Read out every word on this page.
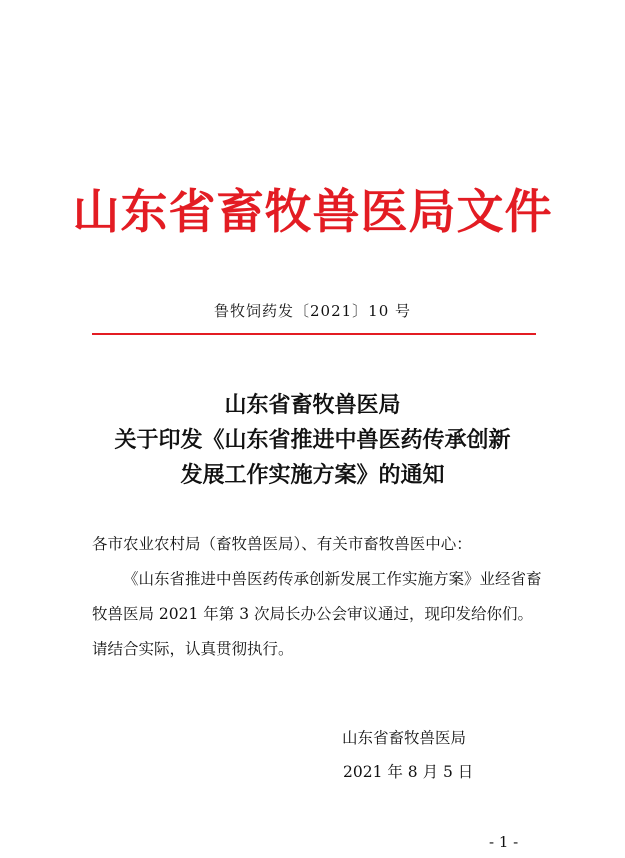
山东省畜牧兽医局文件
鲁牧饲药发〔2021〕10 号
山东省畜牧兽医局
关于印发《山东省推进中兽医药传承创新
发展工作实施方案》的通知

各市农业农村局（畜牧兽医局）、有关市畜牧兽医中心：

《山东省推进中兽医药传承创新发展工作实施方案》业经省畜牧兽医局 2021 年第 3 次局长办公会审议通过，现印发给你们。请结合实际，认真贯彻执行。

山东省畜牧兽医局
2021 年 8 月 5 日
- 1 -
